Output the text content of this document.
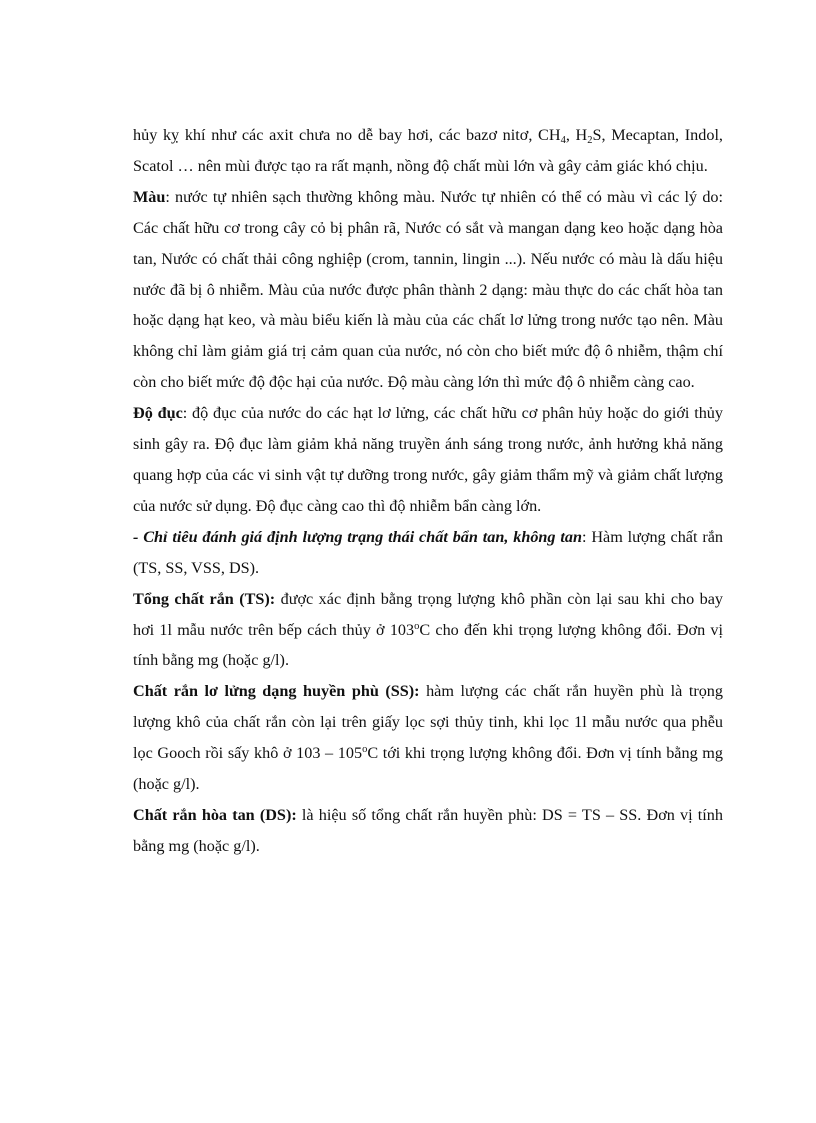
hủy kỵ khí như các axit chưa no dễ bay hơi, các bazơ nitơ, $CH_4$, $H_2S$, Mecaptan, Indol, Scatol … nên mùi được tạo ra rất mạnh, nồng độ chất mùi lớn và gây cảm giác khó chịu.

Màu: nước tự nhiên sạch thường không màu. Nước tự nhiên có thể có màu vì các lý do: Các chất hữu cơ trong cây cỏ bị phân rã, Nước có sắt và mangan dạng keo hoặc dạng hòa tan, Nước có chất thải công nghiệp (crom, tannin, lingin ...). Nếu nước có màu là dấu hiệu nước đã bị ô nhiễm. Màu của nước được phân thành 2 dạng: màu thực do các chất hòa tan hoặc dạng hạt keo, và màu biểu kiến là màu của các chất lơ lửng trong nước tạo nên. Màu không chỉ làm giảm giá trị cảm quan của nước, nó còn cho biết mức độ ô nhiễm, thậm chí còn cho biết mức độ độc hại của nước. Độ màu càng lớn thì mức độ ô nhiễm càng cao.

Độ đục: độ đục của nước do các hạt lơ lửng, các chất hữu cơ phân hủy hoặc do giới thủy sinh gây ra. Độ đục làm giảm khả năng truyền ánh sáng trong nước, ảnh hưởng khả năng quang hợp của các vi sinh vật tự dưỡng trong nước, gây giảm thẩm mỹ và giảm chất lượng của nước sử dụng. Độ đục càng cao thì độ nhiễm bẩn càng lớn.

- Chỉ tiêu đánh giá định lượng trạng thái chất bẩn tan, không tan: Hàm lượng chất rắn (TS, SS, VSS, DS).

Tổng chất rắn (TS): được xác định bằng trọng lượng khô phần còn lại sau khi cho bay hơi 1l mẫu nước trên bếp cách thủy ở 103$^o$C cho đến khi trọng lượng không đổi. Đơn vị tính bằng mg (hoặc g/l).

Chất rắn lơ lửng dạng huyền phù (SS): hàm lượng các chất rắn huyền phù là trọng lượng khô của chất rắn còn lại trên giấy lọc sợi thủy tinh, khi lọc 1l mẫu nước qua phễu lọc Gooch rồi sấy khô ở 103 – 105$^o$C tới khi trọng lượng không đổi. Đơn vị tính bằng mg (hoặc g/l).

Chất rắn hòa tan (DS): là hiệu số tổng chất rắn huyền phù: DS = TS – SS. Đơn vị tính bằng mg (hoặc g/l).
